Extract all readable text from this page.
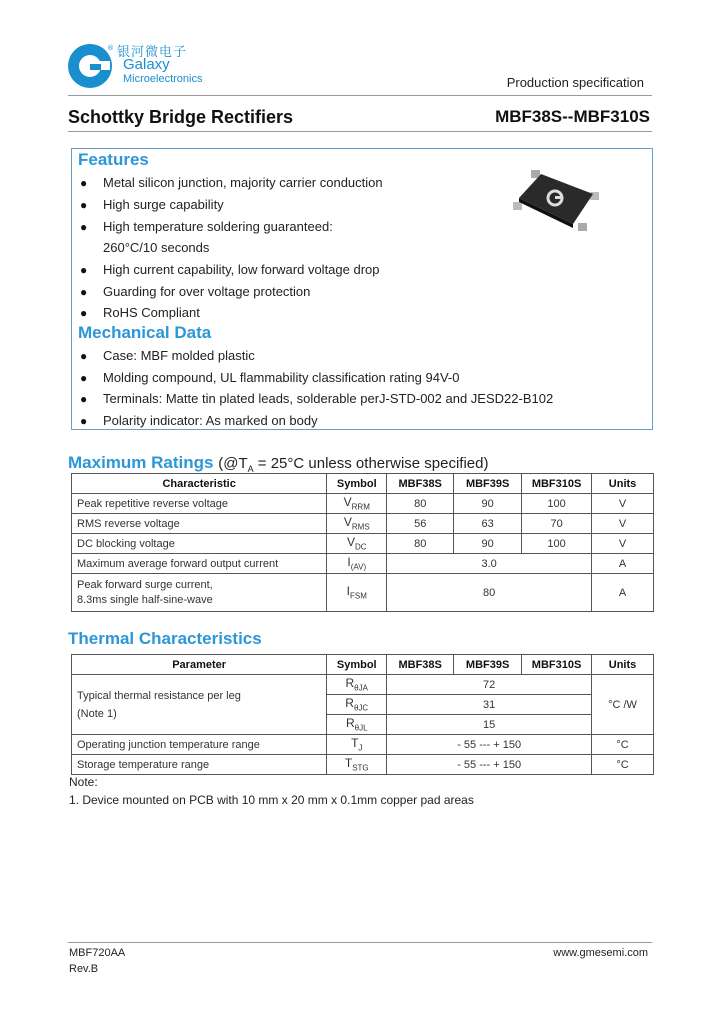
® 银河微电子
Galaxy
Microelectronics	Production specification
Schottky Bridge Rectifiers	MBF38S--MBF310S
Features
● Metal silicon junction, majority carrier conduction
● High surge capability
● High temperature soldering guaranteed:
260°C/10 seconds
● High current capability, low forward voltage drop
● Guarding for over voltage protection
● RoHS Compliant
Mechanical Data
● Case: MBF molded plastic
● Molding compound, UL flammability classification rating 94V-0
● Terminals: Matte tin plated leads, solderable perJ-STD-002 and JESD22-B102
● Polarity indicator: As marked on body
Maximum Ratings ($@T_A = 25^\circ C$ unless otherwise specified)
Characteristic	Symbol	MBF38S	MBF39S	MBF310S	Units
Peak repetitive reverse voltage	$V_{RRM}$	80	90	100	V
RMS reverse voltage	$V_{RMS}$	56	63	70	V
DC blocking voltage	$V_{DC}$	80	90	100	V
Maximum average forward output current	$I_{(AV)}$	3.0			A

Peak forward surge current,
8.3ms single half-sine-wave	$I_{FSM}$	80			A
Thermal Characteristics
Parameter	Symbol	MBF38S	MBF39S	MBF310S	Units

Typical thermal resistance per leg
(Note 1)	$R_{\theta JA}$	72			°C /W
	$R_{\theta JC}$	31			
	$R_{\theta JL}$	15			
Operating junction temperature range	$T_J$	- 55 --- + 150			°C
Storage temperature range	$T_{STG}$	- 55 --- + 150			°C
Note:
1. Device mounted on PCB with 10 mm x 20 mm x 0.1mm copper pad areas
MBF720AA
Rev.B
www.gmesemi.com
